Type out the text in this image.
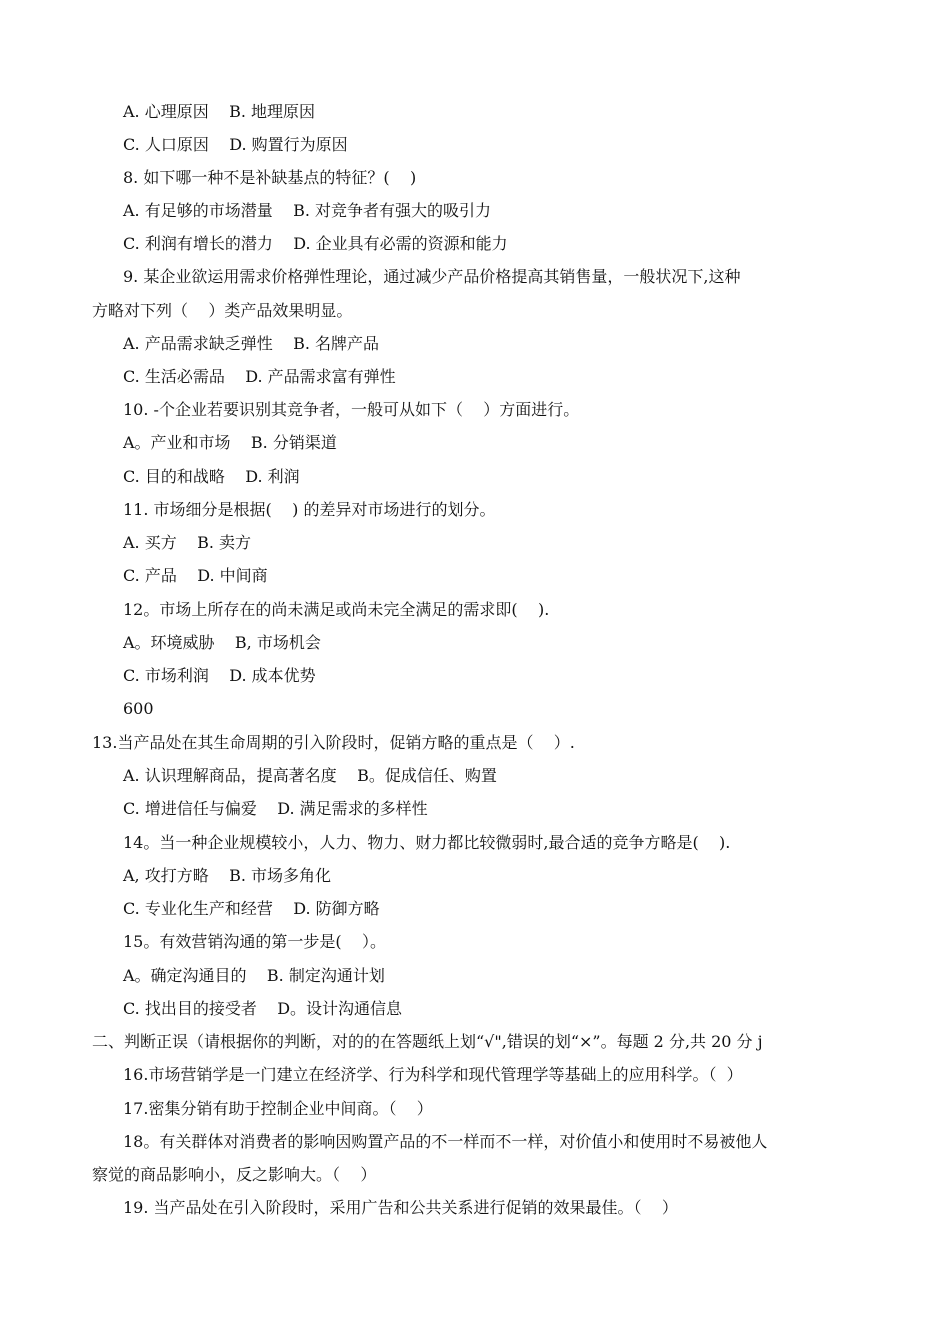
A. 心理原因    B. 地理原因
C. 人口原因    D. 购置行为原因
8. 如下哪一种不是补缺基点的特征？(    )
A. 有足够的市场潜量    B. 对竞争者有强大的吸引力
C. 利润有增长的潜力    D. 企业具有必需的资源和能力
9. 某企业欲运用需求价格弹性理论，通过减少产品价格提高其销售量，一般状况下,这种
方略对下列（    ）类产品效果明显。
A. 产品需求缺乏弹性    B. 名牌产品
C. 生活必需品    D. 产品需求富有弹性
10. -个企业若要识别其竞争者，一般可从如下（    ）方面进行。
A。产业和市场    B. 分销渠道
C. 目的和战略    D. 利润
11. 市场细分是根据(    ) 的差异对市场进行的划分。
A. 买方    B. 卖方
C. 产品    D. 中间商
12。市场上所存在的尚未满足或尚未完全满足的需求即(    ).
A。环境威胁    B, 市场机会
C. 市场利润    D. 成本优势
600
13.当产品处在其生命周期的引入阶段时，促销方略的重点是（    ）.
A. 认识理解商品，提高著名度    B。促成信任、购置
C. 增进信任与偏爱    D. 满足需求的多样性
14。当一种企业规模较小，人力、物力、财力都比较微弱时,最合适的竞争方略是(    ).
A, 攻打方略    B. 市场多角化
C. 专业化生产和经营    D. 防御方略
15。有效营销沟通的第一步是(    ）。
A。确定沟通目的    B. 制定沟通计划
C. 找出目的接受者    D。设计沟通信息
二、判断正误（请根据你的判断，对的的在答题纸上划“√",错误的划“×”。每题 2 分,共 20 分 j
16.市场营销学是一门建立在经济学、行为科学和现代管理学等基础上的应用科学。（  ）
17.密集分销有助于控制企业中间商。（    ）
18。有关群体对消费者的影响因购置产品的不一样而不一样，对价值小和使用时不易被他人
察觉的商品影响小，反之影响大。（    ）
19. 当产品处在引入阶段时，采用广告和公共关系进行促销的效果最佳。（    ）
